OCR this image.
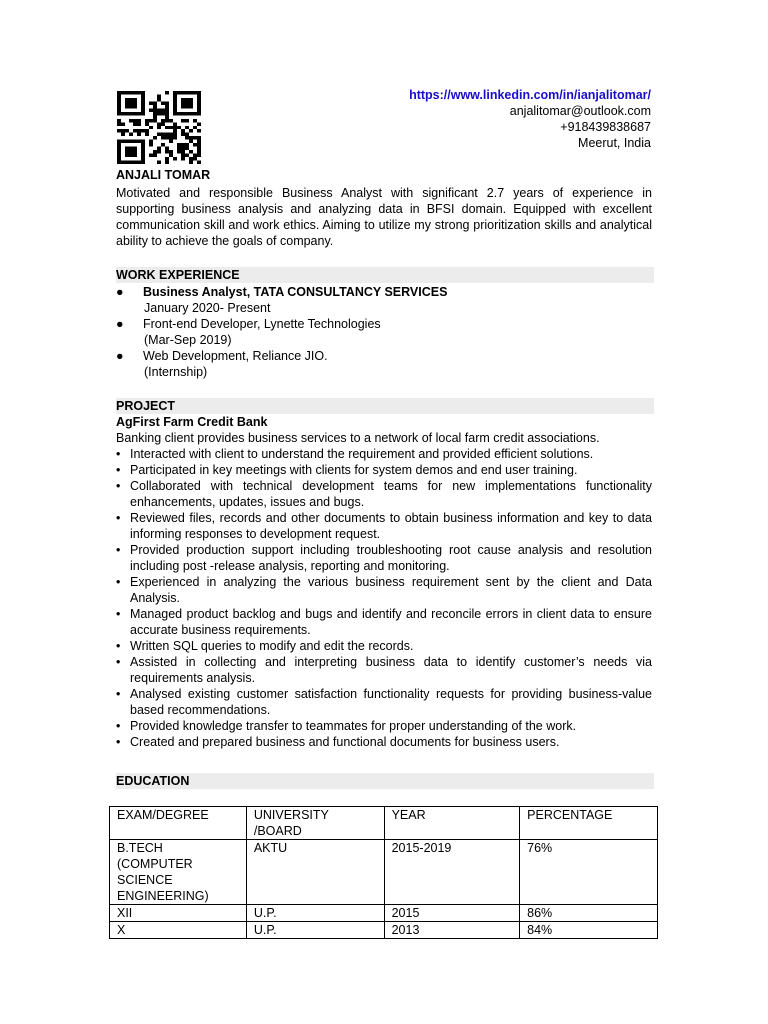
https://www.linkedin.com/in/ianjalitomar/
anjalitomar@outlook.com
+918439838687
Meerut, India
ANJALI TOMAR
Motivated and responsible Business Analyst with significant 2.7 years of experience in supporting business analysis and analyzing data in BFSI domain. Equipped with excellent communication skill and work ethics. Aiming to utilize my strong prioritization skills and analytical ability to achieve the goals of company.
WORK EXPERIENCE
● Business Analyst, TATA CONSULTANCY SERVICES
January 2020- Present
● Front-end Developer, Lynette Technologies
(Mar-Sep 2019)
● Web Development, Reliance JIO.
(Internship)
PROJECT
AgFirst Farm Credit Bank
Banking client provides business services to a network of local farm credit associations.
• Interacted with client to understand the requirement and provided efficient solutions.
• Participated in key meetings with clients for system demos and end user training.
• Collaborated with technical development teams for new implementations functionality enhancements, updates, issues and bugs.
• Reviewed files, records and other documents to obtain business information and key to data informing responses to development request.
• Provided production support including troubleshooting root cause analysis and resolution including post -release analysis, reporting and monitoring.
• Experienced in analyzing the various business requirement sent by the client and Data Analysis.
• Managed product backlog and bugs and identify and reconcile errors in client data to ensure accurate business requirements.
• Written SQL queries to modify and edit the records.
• Assisted in collecting and interpreting business data to identify customer’s needs via requirements analysis.
• Analysed existing customer satisfaction functionality requests for providing business-value based recommendations.
• Provided knowledge transfer to teammates for proper understanding of the work.
• Created and prepared business and functional documents for business users.
EDUCATION
EXAM/DEGREE	UNIVERSITY /BOARD	YEAR	PERCENTAGE
B.TECH (COMPUTER SCIENCE ENGINEERING)	AKTU	2015-2019	76%
XII	U.P.	2015	86%
X	U.P.	2013	84%
